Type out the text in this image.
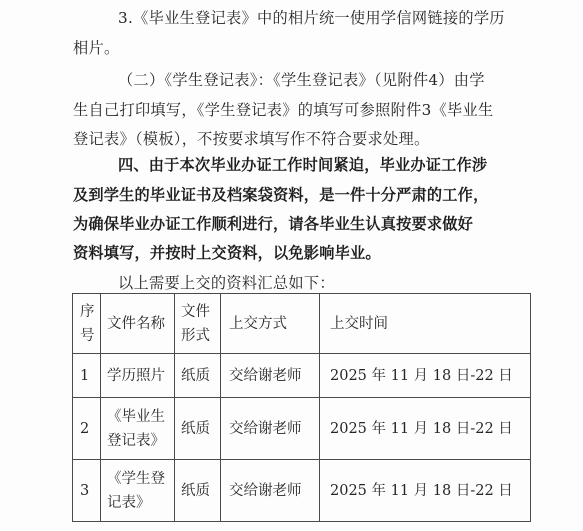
3.《毕业生登记表》中的相片统一使用学信网链接的学历
相片。
（二）《学生登记表》：《学生登记表》（见附件4）由学
生自己打印填写，《学生登记表》的填写可参照附件3《毕业生
登记表》（模板），不按要求填写作不符合要求处理。
四、由于本次毕业办证工作时间紧迫，毕业办证工作涉
及到学生的毕业证书及档案袋资料，是一件十分严肃的工作，
为确保毕业办证工作顺利进行，请各毕业生认真按要求做好
资料填写，并按时上交资料，以免影响毕业。
以上需要上交的资料汇总如下：
序号	文件名称	文件形式	上交方式	上交时间
1	学历照片	纸质	交给谢老师	2025 年 11 月 18 日-22 日
2	《毕业生登记表》	纸质	交给谢老师	2025 年 11 月 18 日-22 日
3	《学生登记表》	纸质	交给谢老师	2025 年 11 月 18 日-22 日
